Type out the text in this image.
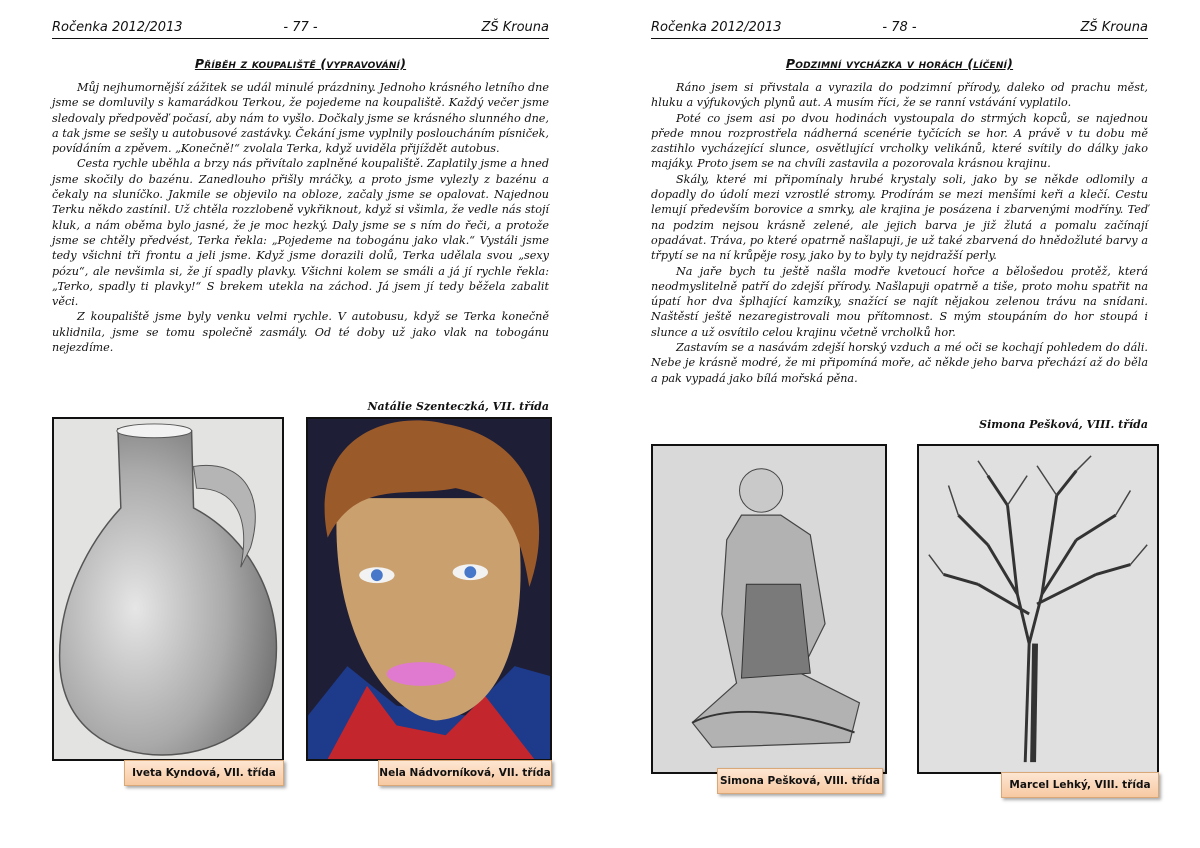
Ročenka 2012/2013	- 77 -	ZŠ Krouna
Příběh z koupaliště (vypravování)

Můj nejhumornější zážitek se udál minulé prázdniny. Jednoho krásného letního dne jsme se domluvily s kamarádkou Terkou, že pojedeme na koupaliště. Každý večer jsme sledovaly předpověď počasí, aby nám to vyšlo. Dočkaly jsme se krásného slunného dne, a tak jsme se sešly u autobusové zastávky. Čekání jsme vyplnily posloucháním písniček, povídáním a zpěvem. „Konečně!“ zvolala Terka, když uviděla přijíždět autobus.

Cesta rychle uběhla a brzy nás přivítalo zaplněné koupaliště. Zaplatily jsme a hned jsme skočily do bazénu. Zanedlouho přišly mráčky, a proto jsme vylezly z bazénu a čekaly na sluníčko. Jakmile se objevilo na obloze, začaly jsme se opalovat. Najednou Terku někdo zastínil. Už chtěla rozzlobeně vykřiknout, když si všimla, že vedle nás stojí kluk, a nám oběma bylo jasné, že je moc hezký. Daly jsme se s ním do řeči, a protože jsme se chtěly předvést, Terka řekla: „Pojedeme na tobogánu jako vlak.“ Vystáli jsme tedy všichni tři frontu a jeli jsme. Když jsme dorazili dolů, Terka udělala svou „sexy pózu“, ale nevšimla si, že jí spadly plavky. Všichni kolem se smáli a já jí rychle řekla: „Terko, spadly ti plavky!“ S brekem utekla na záchod. Já jsem jí tedy běžela zabalit věci.

Z koupaliště jsme byly venku velmi rychle. V autobusu, když se Terka konečně uklidnila, jsme se tomu společně zasmály. Od té doby už jako vlak na tobogánu nejezdíme.

Natálie Szenteczká, VII. třída
Iveta Kyndová, VII. třída	Nela Nádvorníková, VII. třída
Ročenka 2012/2013	- 78 -	ZŠ Krouna
Podzimní vycházka v horách (líčení)

Ráno jsem si přivstala a vyrazila do podzimní přírody, daleko od prachu měst, hluku a výfukových plynů aut. A musím říci, že se ranní vstávání vyplatilo.

Poté co jsem asi po dvou hodinách vystoupala do strmých kopců, se najednou přede mnou rozprostřela nádherná scenérie tyčících se hor. A právě v tu dobu mě zastihlo vycházející slunce, osvětlující vrcholky velikánů, které svítily do dálky jako majáky. Proto jsem se na chvíli zastavila a pozorovala krásnou krajinu.

Skály, které mi připomínaly hrubé krystaly soli, jako by se někde odlomily a dopadly do údolí mezi vzrostlé stromy. Prodírám se mezi menšími keři a klečí. Cestu lemují především borovice a smrky, ale krajina je posázena i zbarvenými modříny. Teď na podzim nejsou krásně zelené, ale jejich barva je již žlutá a pomalu začínají opadávat. Tráva, po které opatrně našlapuji, je už také zbarvená do hnědožluté barvy a třpytí se na ní krůpěje rosy, jako by to byly ty nejdražší perly.

Na jaře bych tu ještě našla modře kvetoucí hořce a bělošedou protěž, která neodmyslitelně patří do zdejší přírody. Našlapuji opatrně a tiše, proto mohu spatřit na úpatí hor dva šplhající kamzíky, snažící se najít nějakou zelenou trávu na snídani. Naštěstí ještě nezaregistrovali mou přítomnost. S mým stoupáním do hor stoupá i slunce a už osvítilo celou krajinu včetně vrcholků hor.

Zastavím se a nasávám zdejší horský vzduch a mé oči se kochají pohledem do dáli. Nebe je krásně modré, že mi připomíná moře, ač někde jeho barva přechází až do běla a pak vypadá jako bílá mořská pěna.

Simona Pešková, VIII. třída
Simona Pešková, VIII. třída	Marcel Lehký, VIII. třída
